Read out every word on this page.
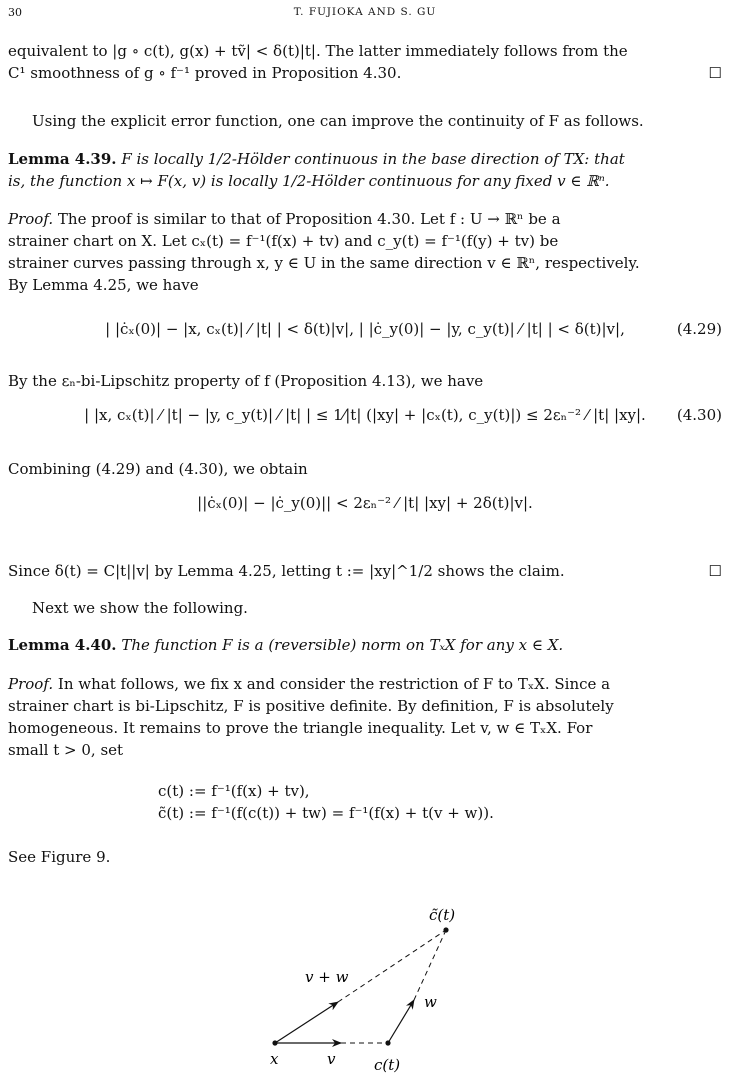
30	T. FUJIOKA AND S. GU
equivalent to |g ∘ c(t), g(x) + tṽ| < δ(t)|t|. The latter immediately follows from the
C¹ smoothness of g ∘ f⁻¹ proved in Proposition 4.30.	☐
Using the explicit error function, one can improve the continuity of F as follows.
Lemma 4.39. F is locally 1/2-Hölder continuous in the base direction of TX: that
is, the function x ↦ F(x, v) is locally 1/2-Hölder continuous for any fixed v ∈ ℝⁿ.
Proof. The proof is similar to that of Proposition 4.30. Let f : U → ℝⁿ be a
strainer chart on X. Let cₓ(t) = f⁻¹(f(x) + tv) and c_y(t) = f⁻¹(f(y) + tv) be
strainer curves passing through x, y ∈ U in the same direction v ∈ ℝⁿ, respectively.
By Lemma 4.25, we have
| |ċₓ(0)| − |x, cₓ(t)| ⁄ |t| | < δ(t)|v|, | |ċ_y(0)| − |y, c_y(t)| ⁄ |t| | < δ(t)|v|,	(4.29)
By the εₙ-bi-Lipschitz property of f (Proposition 4.13), we have
| |x, cₓ(t)| ⁄ |t| − |y, c_y(t)| ⁄ |t| | ≤ 1⁄|t| (|xy| + |cₓ(t), c_y(t)|) ≤ 2εₙ⁻² ⁄ |t| |xy|.	(4.30)
Combining (4.29) and (4.30), we obtain
||ċₓ(0)| − |ċ_y(0)|| < 2εₙ⁻² ⁄ |t| |xy| + 2δ(t)|v|.
Since δ(t) = C|t||v| by Lemma 4.25, letting t := |xy|^1/2 shows the claim.	☐
Next we show the following.
Lemma 4.40. The function F is a (reversible) norm on TₓX for any x ∈ X.
Proof. In what follows, we fix x and consider the restriction of F to TₓX. Since a
strainer chart is bi-Lipschitz, F is positive definite. By definition, F is absolutely
homogeneous. It remains to prove the triangle inequality. Let v, w ∈ TₓX. For
small t > 0, set
c(t) := f⁻¹(f(x) + tv),
c̃(t) := f⁻¹(f(c(t)) + tw) = f⁻¹(f(x) + t(v + w)).
See Figure 9.
c̃(t)
v + w
w
x	v	c(t)
